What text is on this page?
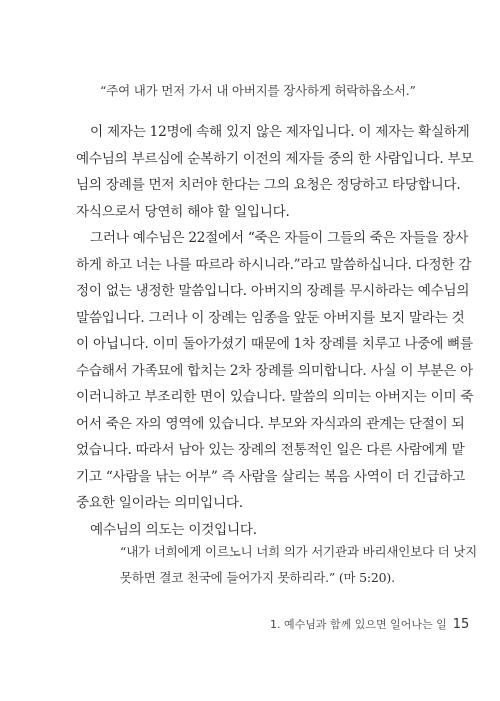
“주여 내가 먼저 가서 내 아버지를 장사하게 허락하옵소서.”
이 제자는 12명에 속해 있지 않은 제자입니다. 이 제자는 확실하게
예수님의 부르심에 순복하기 이전의 제자들 중의 한 사람입니다. 부모
님의 장례를 먼저 치러야 한다는 그의 요청은 정당하고 타당합니다.
자식으로서 당연히 해야 할 일입니다.
그러나 예수님은 22절에서 “죽은 자들이 그들의 죽은 자들을 장사
하게 하고 너는 나를 따르라 하시니라.”라고 말씀하십니다. 다정한 감
정이 없는 냉정한 말씀입니다. 아버지의 장례를 무시하라는 예수님의
말씀입니다. 그러나 이 장례는 임종을 앞둔 아버지를 보지 말라는 것
이 아닙니다. 이미 돌아가셨기 때문에 1차 장례를 치루고 나중에 뼈를
수습해서 가족묘에 합치는 2차 장례를 의미합니다. 사실 이 부분은 아
이러니하고 부조리한 면이 있습니다. 말씀의 의미는 아버지는 이미 죽
어서 죽은 자의 영역에 있습니다. 부모와 자식과의 관계는 단절이 되
었습니다. 따라서 남아 있는 장례의 전통적인 일은 다른 사람에게 맡
기고 “사람을 낚는 어부” 즉 사람을 살리는 복음 사역이 더 긴급하고
중요한 일이라는 의미입니다.
예수님의 의도는 이것입니다.
“내가 너희에게 이르노니 너희 의가 서기관과 바리새인보다 더 낫지
못하면 결코 천국에 들어가지 못하리라.” (마 5:20).
1. 예수님과 함께 있으면 일어나는 일 15
